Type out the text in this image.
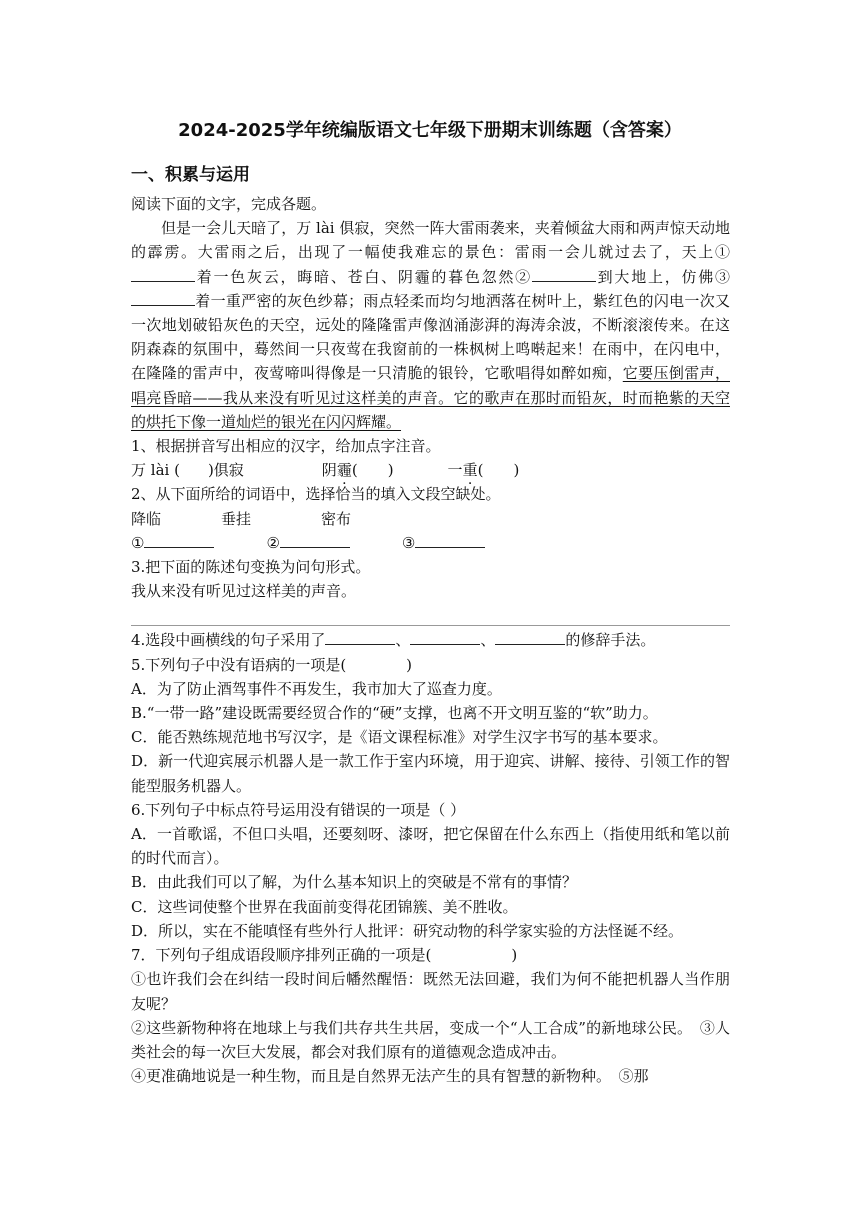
2024-2025学年统编版语文七年级下册期末训练题（含答案）
一、积累与运用

阅读下面的文字，完成各题。

但是一会儿天暗了，万 lài 俱寂，突然一阵大雷雨袭来，夹着倾盆大雨和两声惊天动地的霹雳。大雷雨之后，出现了一幅使我难忘的景色：雷雨一会儿就过去了，天上①着一色灰云，晦暗、苍白、阴霾的暮色忽然②	到大地上，仿佛③着一重严密的灰色纱幕；雨点轻柔而均匀地洒落在树叶上，紫红色的闪电一次又一次地划破铅灰色的天空，远处的隆隆雷声像汹涌澎湃的海涛余波，不断滚滚传来。在这阴森森的氛围中，蓦然间一只夜莺在我窗前的一株枫树上鸣啭起来！在雨中，在闪电中，在隆隆的雷声中，夜莺啼叫得像是一只清脆的银铃，它歌唱得如醉如痴，它要压倒雷声，唱亮昏暗——我从来没有听见过这样美的声音。它的歌声在那时而铅灰，时而艳紫的天空的烘托下像一道灿烂的银光在闪闪辉耀。

1、根据拼音写出相应的汉字，给加点字注音。

万 lài ( )俱寂	阴 霾 · ( )	一 重 · ( )

2、从下面所给的词语中，选择恰当的填入文段空缺处。

降临	垂挂	密布
①	②	③

3.把下面的陈述句变换为问句形式。

我从来没有听见过这样美的声音。

4.选段中画横线的句子采用了	、	、	的修辞手法。
5.下列句子中没有语病的一项是(	)

A．为了防止酒驾事件不再发生，我市加大了巡查力度。

B.“一带一路”建设既需要经贸合作的“硬”支撑，也离不开文明互鉴的“软”助力。

C．能否熟练规范地书写汉字，是《语文课程标准》对学生汉字书写的基本要求。

D．新一代迎宾展示机器人是一款工作于室内环境，用于迎宾、讲解、接待、引领工作的智能型服务机器人。

6.下列句子中标点符号运用没有错误的一项是（ ）

A．一首歌谣，不但口头唱，还要刻呀、漆呀，把它保留在什么东西上（指使用纸和笔以前的时代而言）。

B．由此我们可以了解，为什么基本知识上的突破是不常有的事情？

C．这些词使整个世界在我面前变得花团锦簇、美不胜收。

D．所以，实在不能嗔怪有些外行人批评：研究动物的科学家实验的方法怪诞不经。

7．下列句子组成语段顺序排列正确的一项是(	)

①也许我们会在纠结一段时间后幡然醒悟：既然无法回避，我们为何不能把机器人当作朋友呢？

②这些新物种将在地球上与我们共存共生共居，变成一个“人工合成”的新地球公民。　③人类社会的每一次巨大发展，都会对我们原有的道德观念造成冲击。

④更准确地说是一种生物，而且是自然界无法产生的具有智慧的新物种。　⑤那
